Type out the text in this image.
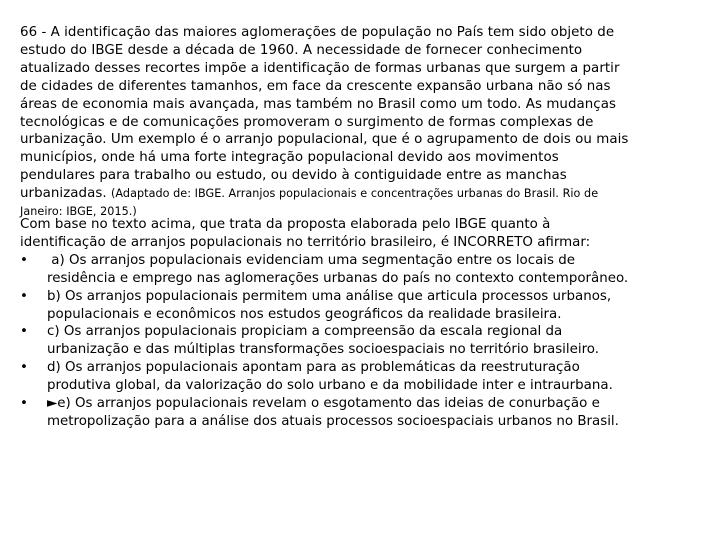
66 - A identificação das maiores aglomerações de população no País tem sido objeto de
estudo do IBGE desde a década de 1960. A necessidade de fornecer conhecimento
atualizado desses recortes impõe a identificação de formas urbanas que surgem a partir
de cidades de diferentes tamanhos, em face da crescente expansão urbana não só nas
áreas de economia mais avançada, mas também no Brasil como um todo. As mudanças
tecnológicas e de comunicações promoveram o surgimento de formas complexas de
urbanização. Um exemplo é o arranjo populacional, que é o agrupamento de dois ou mais
municípios, onde há uma forte integração populacional devido aos movimentos
pendulares para trabalho ou estudo, ou devido à contiguidade entre as manchas
urbanizadas. (Adaptado de: IBGE. Arranjos populacionais e concentrações urbanas do Brasil. Rio de
Janeiro: IBGE, 2015.)
Com base no texto acima, que trata da proposta elaborada pelo IBGE quanto à
identificação de arranjos populacionais no território brasileiro, é INCORRETO afirmar:
•	a) Os arranjos populacionais evidenciam uma segmentação entre os locais de
residência e emprego nas aglomerações urbanas do país no contexto contemporâneo.
•	b) Os arranjos populacionais permitem uma análise que articula processos urbanos,
populacionais e econômicos nos estudos geográficos da realidade brasileira.
•	c) Os arranjos populacionais propiciam a compreensão da escala regional da
urbanização e das múltiplas transformações socioespaciais no território brasileiro.
•	d) Os arranjos populacionais apontam para as problemáticas da reestruturação
produtiva global, da valorização do solo urbano e da mobilidade inter e intraurbana.
•	►e) Os arranjos populacionais revelam o esgotamento das ideias de conurbação e
metropolização para a análise dos atuais processos socioespaciais urbanos no Brasil.
